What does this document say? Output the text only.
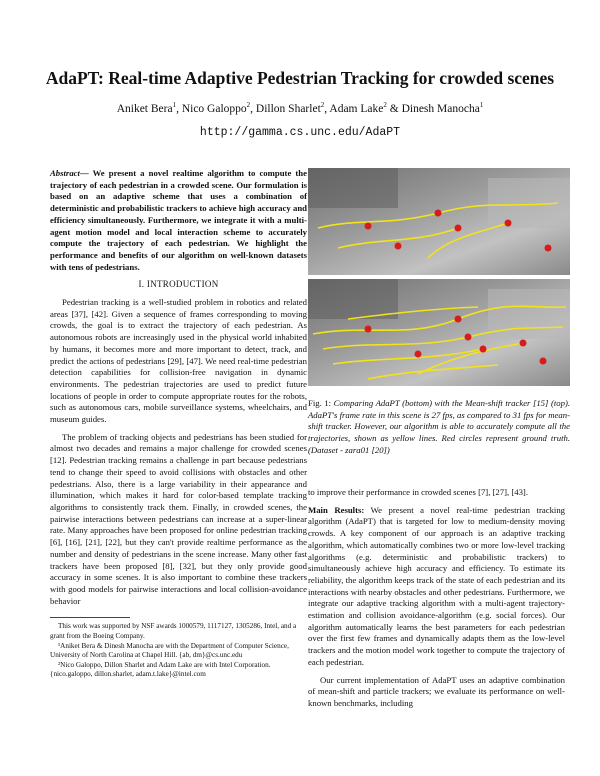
AdaPT: Real-time Adaptive Pedestrian Tracking for crowded scenes
Aniket Bera$^1$, Nico Galoppo$^2$, Dillon Sharlet$^2$, Adam Lake$^2$ & Dinesh Manocha$^1$
http://gamma.cs.unc.edu/AdaPT

Abstract— We present a novel realtime algorithm to compute the trajectory of each pedestrian in a crowded scene. Our formulation is based on an adaptive scheme that uses a combination of deterministic and probabilistic trackers to achieve high accuracy and efficiency simultaneously. Furthermore, we integrate it with a multi-agent motion model and local interaction scheme to accurately compute the trajectory of each pedestrian. We highlight the performance and benefits of our algorithm on well-known datasets with tens of pedestrians.

I. INTRODUCTION

Pedestrian tracking is a well-studied problem in robotics and related areas [37], [42]. Given a sequence of frames corresponding to moving crowds, the goal is to extract the trajectory of each pedestrian. As autonomous robots are increasingly used in the physical world inhabited by humans, it becomes more and more important to detect, track, and predict the actions of pedestrians [29], [47]. We need real-time pedestrian detection capabilities for collision-free navigation in dynamic environments. The pedestrian trajectories are used to predict future locations of people in order to compute appropriate routes for the robots, such as autonomous cars, mobile surveillance systems, wheelchairs, and museum guides.

The problem of tracking objects and pedestrians has been studied for almost two decades and remains a major challenge for crowded scenes [12]. Pedestrian tracking remains a challenge in part because pedestrians tend to change their speed to avoid collisions with obstacles and other pedestrians. Also, there is a large variability in their appearance and illumination, which makes it hard for color-based template tracking algorithms to consistently track them. Finally, in crowded scenes, the pairwise interactions between pedestrians can increase at a super-linear rate. Many approaches have been proposed for online pedestrian tracking [6], [16], [21], [22], but they can't provide realtime performance as the number and density of pedestrians in the scene increase. Many other fast trackers have been proposed [8], [32], but they only provide good accuracy in some scenes. It is also important to combine these trackers with good models for pairwise interactions and local collision-avoidance behavior

This work was supported by NSF awards 1000579, 1117127, 1305286, Intel, and a grant from the Boeing Company.

¹Aniket Bera & Dinesh Manocha are with the Department of Computer Science, University of North Carolina at Chapel Hill. {ab, dm}@cs.unc.edu

²Nico Galoppo, Dillon Sharlet and Adam Lake are with Intel Corporation. {nico.galoppo, dillon.sharlet, adam.t.lake}@intel.com

Fig. 1: Comparing AdaPT (bottom) with the Mean-shift tracker [15] (top). AdaPT's frame rate in this scene is 27 fps, as compared to 31 fps for mean-shift tracker. However, our algorithm is able to accurately compute all the trajectories, shown as yellow lines. Red circles represent ground truth. (Dataset - zara01 [20])

to improve their performance in crowded scenes [7], [27], [43].

Main Results: We present a novel real-time pedestrian tracking algorithm (AdaPT) that is targeted for low to medium-density moving crowds. A key component of our approach is an adaptive tracking algorithm, which automatically combines two or more low-level tracking algorithms (e.g. deterministic and probabilistic trackers) to simultaneously achieve high accuracy and efficiency. To estimate its reliability, the algorithm keeps track of the state of each pedestrian and its interactions with nearby obstacles and other pedestrians. Furthermore, we integrate our adaptive tracking algorithm with a multi-agent trajectory-estimation and collision avoidance-algorithm (e.g. social forces). Our algorithm automatically learns the best parameters for each pedestrian over the first few frames and dynamically adapts them as the low-level trackers and the motion model work together to compute the trajectory of each pedestrian.

Our current implementation of AdaPT uses an adaptive combination of mean-shift and particle trackers; we evaluate its performance on well-known benchmarks, including
